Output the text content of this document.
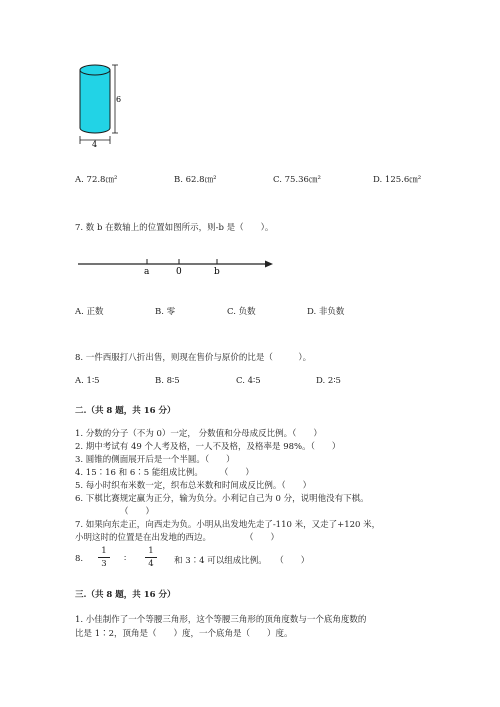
6
4
A. 72.8㎝²	B. 62.8㎝²	C. 75.36㎝²	D. 125.6㎝²
7. 数 b 在数轴上的位置如图所示，则-b 是（　　）。
a	0	b
A. 正数	B. 零	C. 负数	D. 非负数
8. 一件西服打八折出售，则现在售价与原价的比是（　　　）。
A. 1∶5	B. 8∶5	C. 4∶5	D. 2∶5
二.（共 8 题，共 16 分）
1. 分数的分子（不为 0）一定， 分数值和分母成反比例。（　　）
2. 期中考试有 49 个人考及格，一人不及格，及格率是 98%。（　　）
3. 圆锥的侧面展开后是一个半圆。（　　）
4. 15∶16 和 6∶5 能组成比例。　　　（　　）
5. 每小时织布米数一定，织布总米数和时间成反比例。（　　）
6. 下棋比赛规定赢为正分，输为负分。小利记自己为 0 分，说明他没有下棋。
（　　）
7. 如果向东走正，向西走为负。小明从出发地先走了-110 米，又走了+120 米，
小明这时的位置是在出发地的西边。　　　　　（　　）
8.
1
3	∶
1
4	和 3∶4 可以组成比例。　　（　　）
三.（共 8 题，共 16 分）
1. 小佳制作了一个等腰三角形，这个等腰三角形的顶角度数与一个底角度数的
比是 1∶2，顶角是（　　）度，一个底角是（　　）度。
